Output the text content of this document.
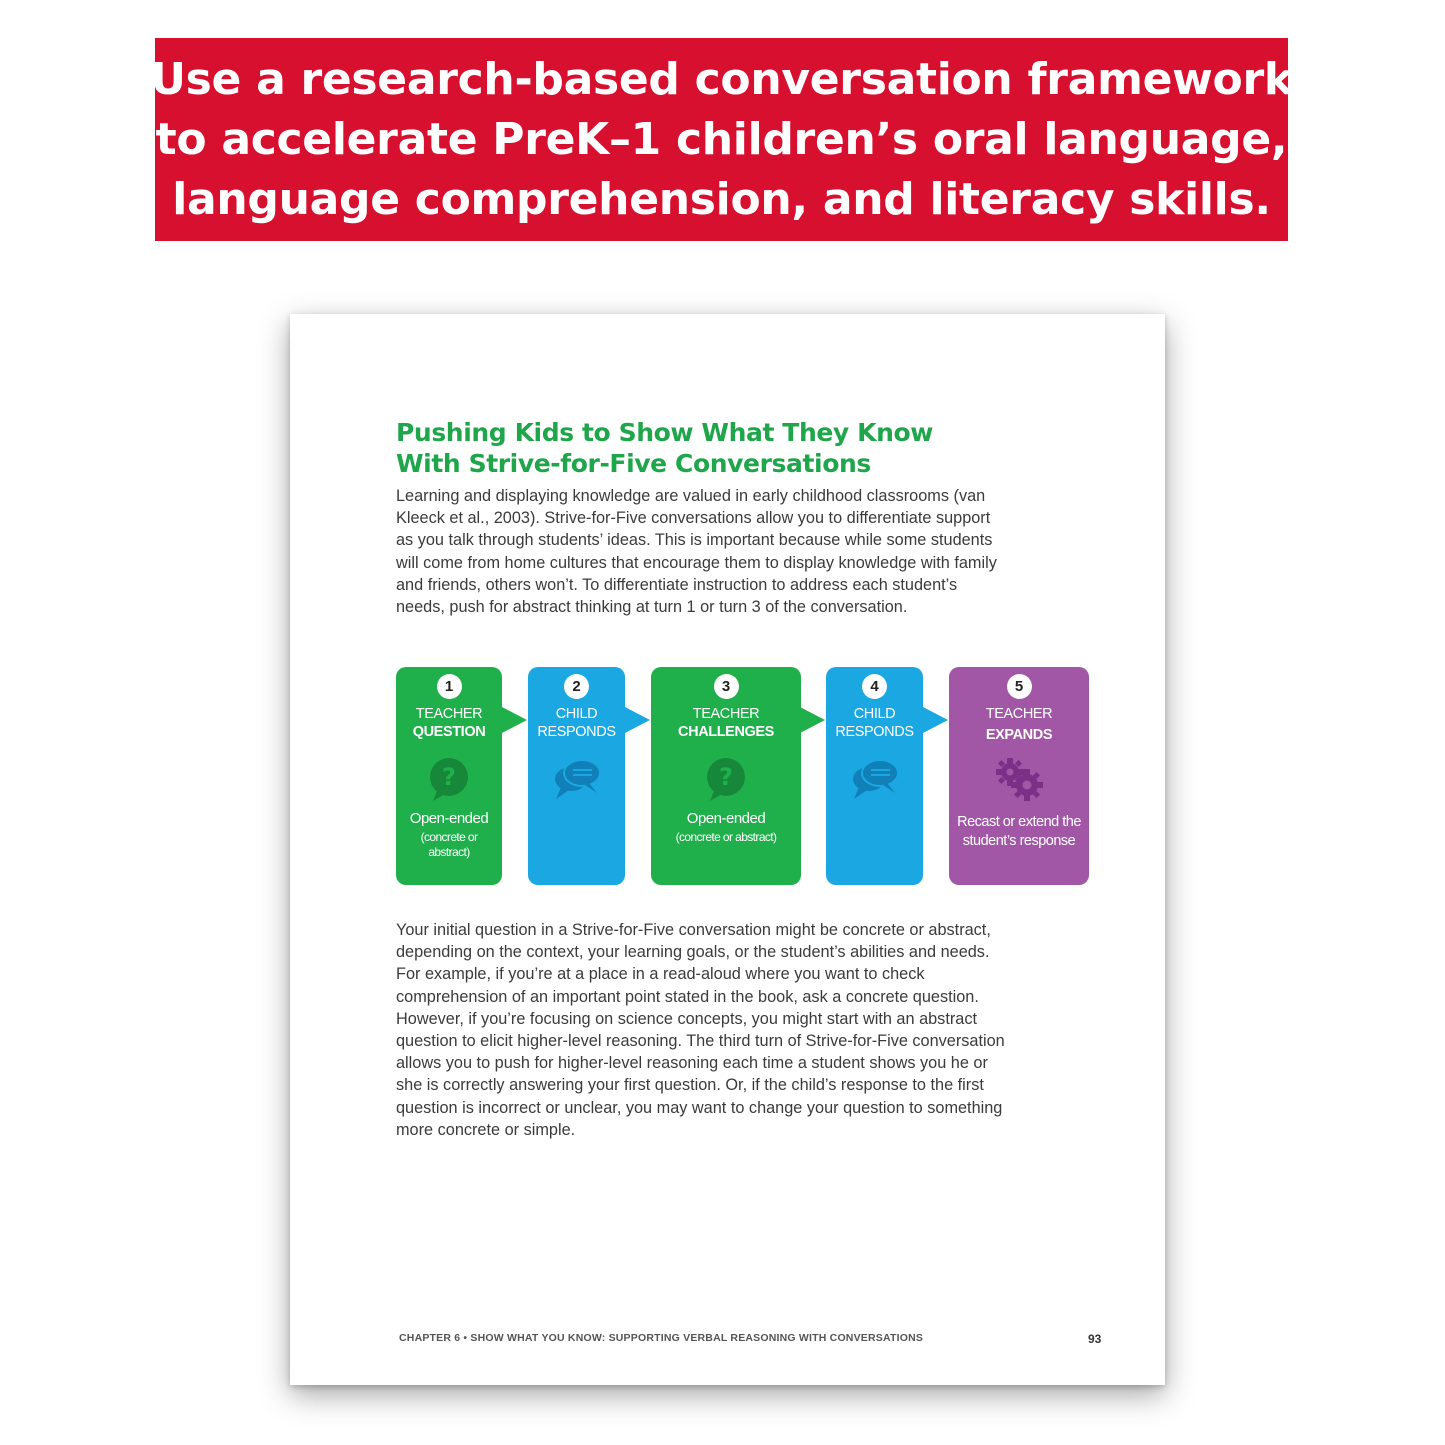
Use a research-based conversation framework
to accelerate PreK–1 children’s oral language,
language comprehension, and literacy skills.
Pushing Kids to Show What They Know
With Strive-for-Five Conversations
Learning and displaying knowledge are valued in early childhood classrooms (van Kleeck et al., 2003). Strive-for-Five conversations allow you to differentiate support as you talk through students’ ideas. This is important because while some students will come from home cultures that encourage them to display knowledge with family and friends, others won’t. To differentiate instruction to address each student’s needs, push for abstract thinking at turn 1 or turn 3 of the conversation.
1
TEACHER
QUESTION
?
Open-ended
(concrete or abstract)
2
CHILD
RESPONDS
3
TEACHER
CHALLENGES
?
Open-ended
(concrete or abstract)
4
CHILD
RESPONDS
5
TEACHER
EXPANDS
Recast or extend the student’s response
Your initial question in a Strive-for-Five conversation might be concrete or abstract, depending on the context, your learning goals, or the student’s abilities and needs. For example, if you’re at a place in a read-aloud where you want to check comprehension of an important point stated in the book, ask a concrete question. However, if you’re focusing on science concepts, you might start with an abstract question to elicit higher-level reasoning. The third turn of Strive-for-Five conversation allows you to push for higher-level reasoning each time a student shows you he or she is correctly answering your first question. Or, if the child’s response to the first question is incorrect or unclear, you may want to change your question to something more concrete or simple.
CHAPTER 6 • SHOW WHAT YOU KNOW: SUPPORTING VERBAL REASONING WITH CONVERSATIONS	93
